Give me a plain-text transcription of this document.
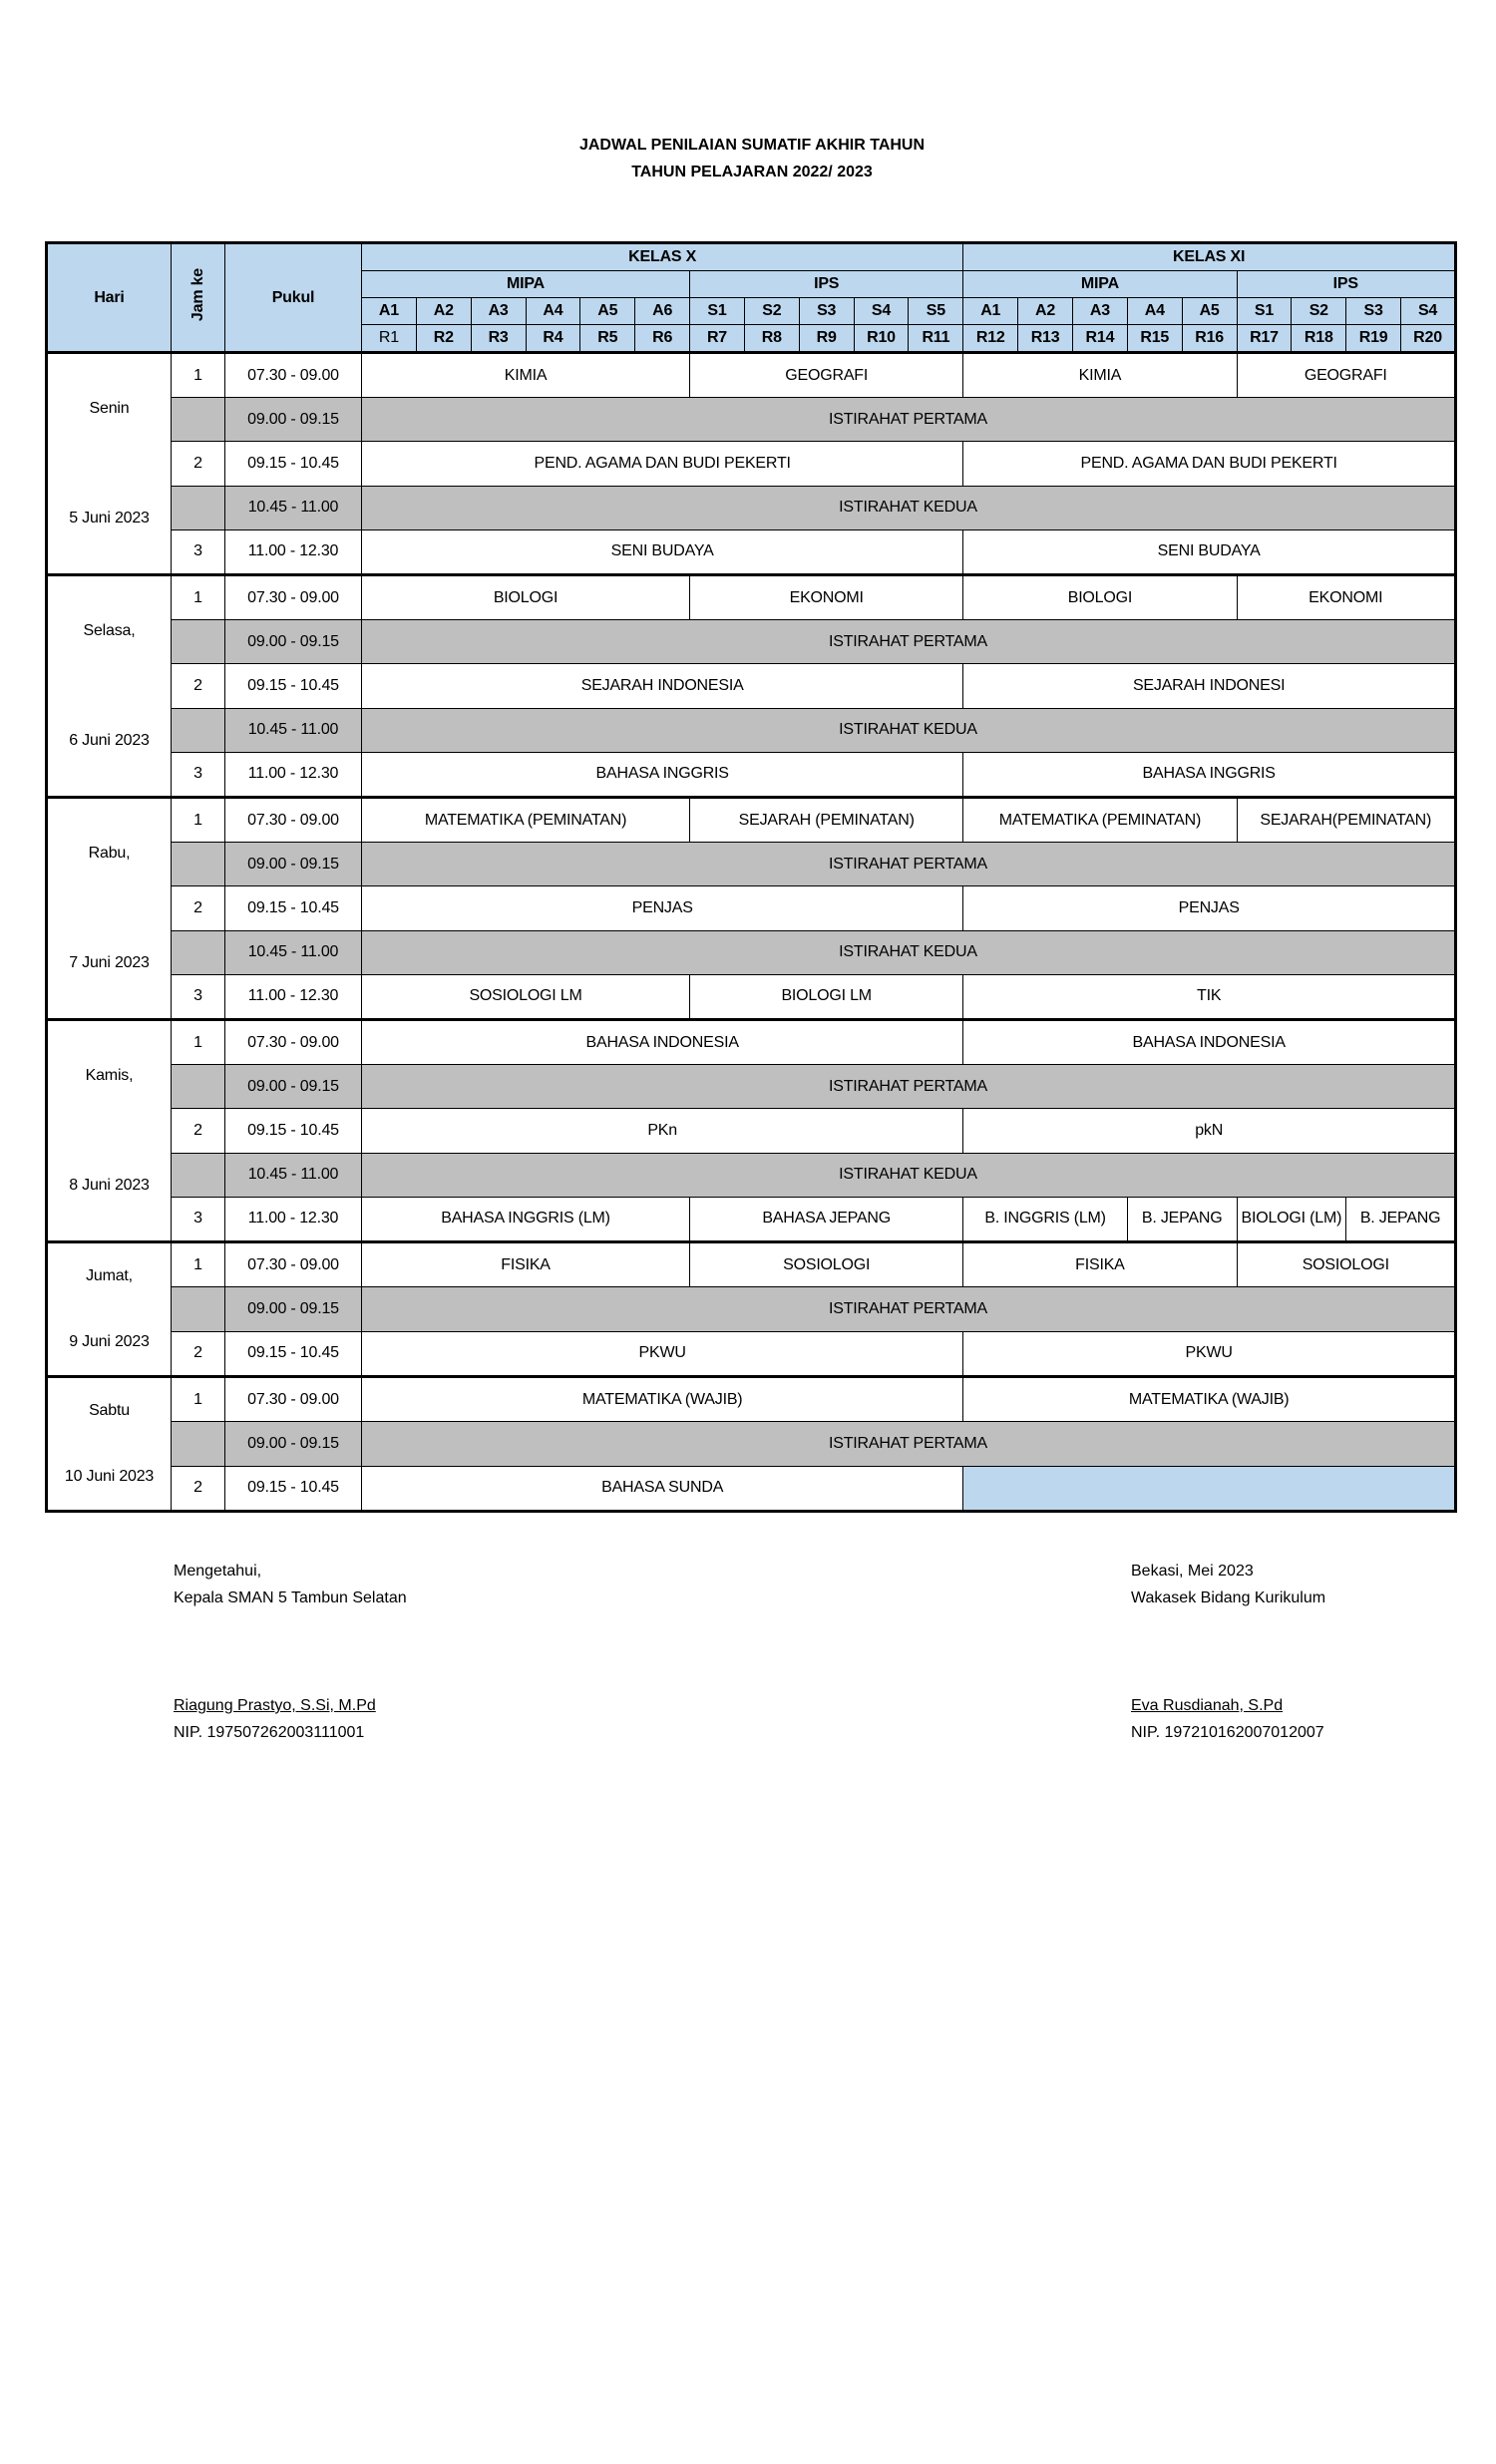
JADWAL PENILAIAN SUMATIF AKHIR TAHUN
TAHUN PELAJARAN 2022/ 2023
Hari	Jam ke	Pukul	KELAS X											KELAS XI								
			MIPA						IPS					MIPA					IPS			
			A1	A2	A3	A4	A5	A6	S1	S2	S3	S4	S5	A1	A2	A3	A4	A5	S1	S2	S3	S4
			R1	R2	R3	R4	R5	R6	R7	R8	R9	R10	R11	R12	R13	R14	R15	R16	R17	R18	R19	R20

Senin
5 Juni 2023	1	07.30 - 09.00	KIMIA						GEOGRAFI					KIMIA					GEOGRAFI			
		09.00 - 09.15	ISTIRAHAT PERTAMA																			
	2	09.15 - 10.45	PEND. AGAMA DAN BUDI PEKERTI											PEND. AGAMA DAN BUDI PEKERTI								
		10.45 - 11.00	ISTIRAHAT KEDUA																			
	3	11.00 - 12.30	SENI BUDAYA											SENI BUDAYA								

Selasa,
6 Juni 2023	1	07.30 - 09.00	BIOLOGI						EKONOMI					BIOLOGI					EKONOMI			
		09.00 - 09.15	ISTIRAHAT PERTAMA																			
	2	09.15 - 10.45	SEJARAH INDONESIA											SEJARAH INDONESI								
		10.45 - 11.00	ISTIRAHAT KEDUA																			
	3	11.00 - 12.30	BAHASA INGGRIS											BAHASA INGGRIS								

Rabu,
7 Juni 2023	1	07.30 - 09.00	MATEMATIKA (PEMINATAN)						SEJARAH (PEMINATAN)					MATEMATIKA (PEMINATAN)					SEJARAH(PEMINATAN)			
		09.00 - 09.15	ISTIRAHAT PERTAMA																			
	2	09.15 - 10.45	PENJAS											PENJAS								
		10.45 - 11.00	ISTIRAHAT KEDUA																			
	3	11.00 - 12.30	SOSIOLOGI LM						BIOLOGI LM					TIK								

Kamis,
8 Juni 2023	1	07.30 - 09.00	BAHASA INDONESIA											BAHASA INDONESIA								
		09.00 - 09.15	ISTIRAHAT PERTAMA																			
	2	09.15 - 10.45	PKn											pkN								
		10.45 - 11.00	ISTIRAHAT KEDUA																			
	3	11.00 - 12.30	BAHASA INGGRIS (LM)						BAHASA JEPANG					B. INGGRIS (LM)			B. JEPANG		BIOLOGI (LM)		B. JEPANG	

Jumat,
9 Juni 2023	1	07.30 - 09.00	FISIKA						SOSIOLOGI					FISIKA					SOSIOLOGI			
		09.00 - 09.15	ISTIRAHAT PERTAMA																			
	2	09.15 - 10.45	PKWU											PKWU								

Sabtu
10 Juni 2023	1	07.30 - 09.00	MATEMATIKA (WAJIB)											MATEMATIKA (WAJIB)								
		09.00 - 09.15	ISTIRAHAT PERTAMA																			
	2	09.15 - 10.45	BAHASA SUNDA																			
Mengetahui,
Kepala SMAN 5 Tambun Selatan
Riagung Prastyo, S.Si, M.Pd
NIP. 197507262003111001
Bekasi, Mei 2023
Wakasek Bidang Kurikulum
Eva Rusdianah, S.Pd
NIP. 197210162007012007
